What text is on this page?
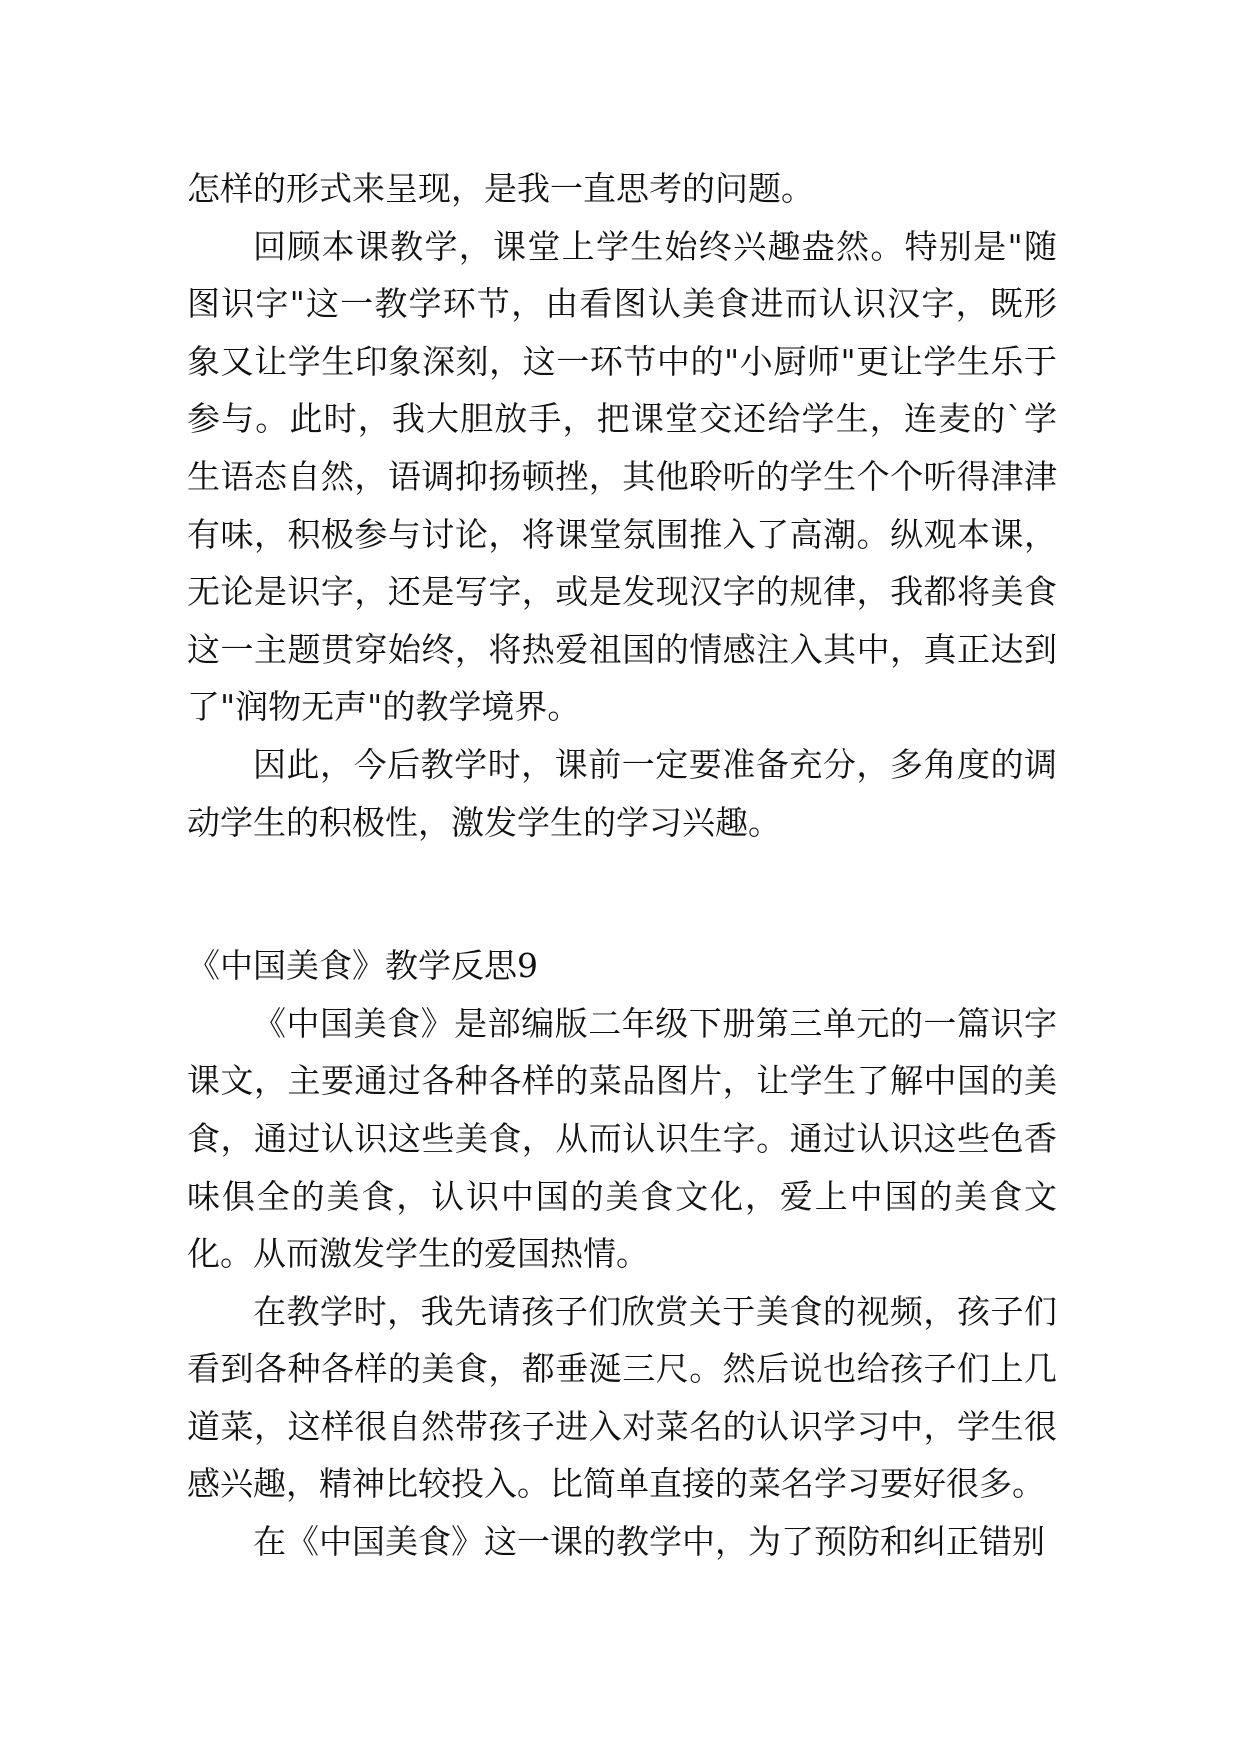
怎样的形式来呈现，是我一直思考的问题。

回顾本课教学，课堂上学生始终兴趣盎然。特别是"随图识字"这一教学环节，由看图认美食进而认识汉字，既形象又让学生印象深刻，这一环节中的"小厨师"更让学生乐于参与。此时，我大胆放手，把课堂交还给学生，连麦的`学生语态自然，语调抑扬顿挫，其他聆听的学生个个听得津津有味，积极参与讨论，将课堂氛围推入了高潮。纵观本课，无论是识字，还是写字，或是发现汉字的规律，我都将美食这一主题贯穿始终，将热爱祖国的情感注入其中，真正达到了"润物无声"的教学境界。

因此，今后教学时，课前一定要准备充分，多角度的调动学生的积极性，激发学生的学习兴趣。

《中国美食》教学反思9

《中国美食》是部编版二年级下册第三单元的一篇识字课文，主要通过各种各样的菜品图片，让学生了解中国的美食，通过认识这些美食，从而认识生字。通过认识这些色香味俱全的美食，认识中国的美食文化，爱上中国的美食文化。从而激发学生的爱国热情。

在教学时，我先请孩子们欣赏关于美食的视频，孩子们看到各种各样的美食，都垂涎三尺。然后说也给孩子们上几道菜，这样很自然带孩子进入对菜名的认识学习中，学生很感兴趣，精神比较投入。比简单直接的菜名学习要好很多。

在《中国美食》这一课的教学中，为了预防和纠正错别
